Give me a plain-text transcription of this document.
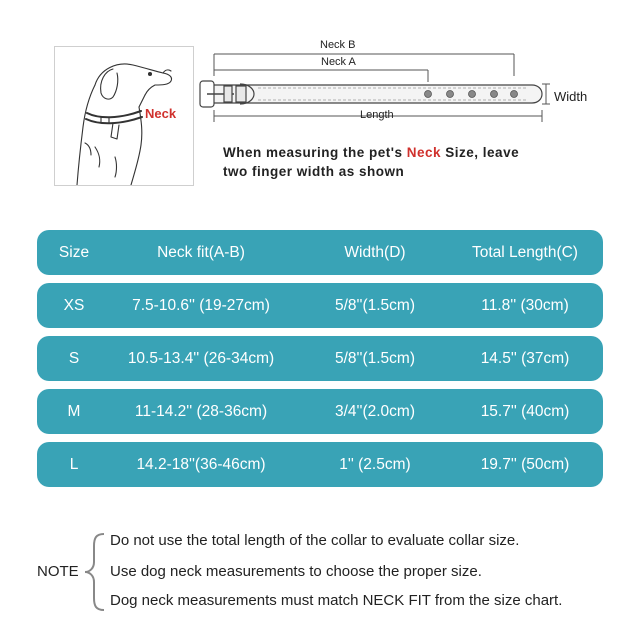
Neck
Neck B
Neck A
Length
Width
When measuring the pet's Neck Size, leave
two finger width as shown
Size	Neck fit(A-B)	Width(D)	Total Length(C)
XS	7.5-10.6'' (19-27cm)	5/8''(1.5cm)	11.8'' (30cm)
S	10.5-13.4'' (26-34cm)	5/8''(1.5cm)	14.5'' (37cm)
M	11-14.2'' (28-36cm)	3/4''(2.0cm)	15.7'' (40cm)
L	14.2-18''(36-46cm)	1'' (2.5cm)	19.7'' (50cm)
NOTE
Do not use the total length of the collar to evaluate collar size.
Use dog neck measurements to choose the proper size.
Dog neck measurements must match NECK FIT from the size chart.
